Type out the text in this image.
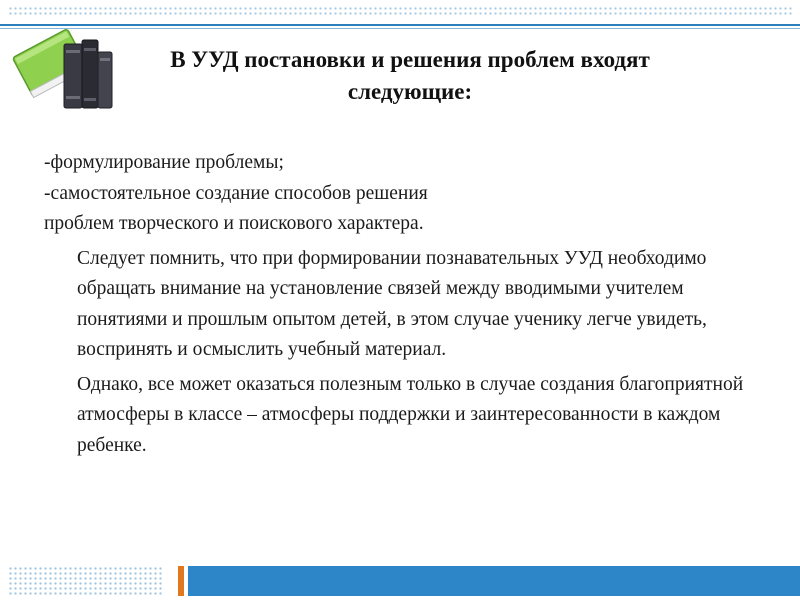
В УУД постановки и решения проблем входят
следующие:

-формулирование проблемы;

-самостоятельное создание способов решения

проблем творческого и поискового характера.

Следует помнить, что при формировании познавательных УУД необходимо обращать внимание на установление связей между вводимыми учителем понятиями и прошлым опытом детей, в этом случае ученику легче увидеть, воспринять и осмыслить учебный материал.

Однако, все может оказаться полезным только в случае создания благоприятной атмосферы в классе – атмосферы поддержки и заинтересованности в каждом ребенке.
